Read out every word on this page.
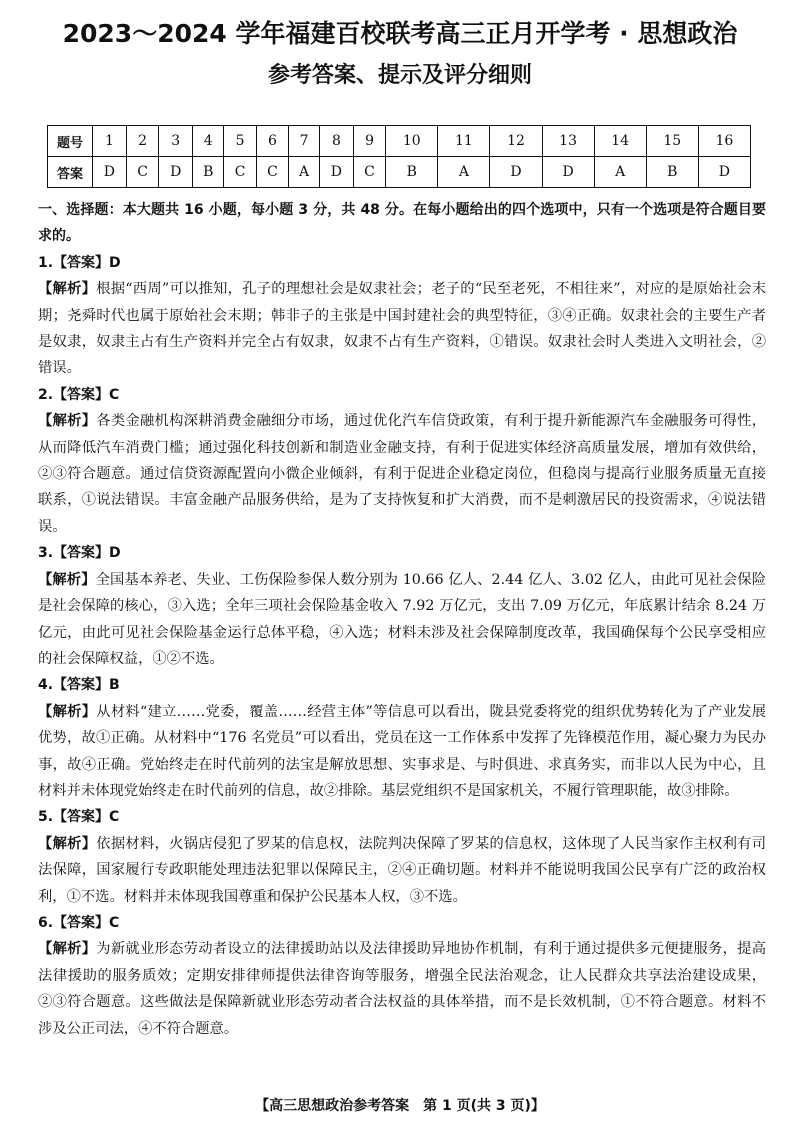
2023～2024 学年福建百校联考高三正月开学考 · 思想政治
参考答案、提示及评分细则
题号	1	2	3	4	5	6	7	8	9	10	11	12	13	14	15	16
答案	D	C	D	B	C	C	A	D	C	B	A	D	D	A	B	D

一、选择题：本大题共 16 小题，每小题 3 分，共 48 分。在每小题给出的四个选项中，只有一个选项是符合题目要求的。

1.【答案】D

【解析】根据“西周”可以推知，孔子的理想社会是奴隶社会；老子的“民至老死，不相往来”，对应的是原始社会末期；尧舜时代也属于原始社会末期；韩非子的主张是中国封建社会的典型特征，③④正确。奴隶社会的主要生产者是奴隶，奴隶主占有生产资料并完全占有奴隶，奴隶不占有生产资料，①错误。奴隶社会时人类进入文明社会，②错误。

2.【答案】C

【解析】各类金融机构深耕消费金融细分市场，通过优化汽车信贷政策，有利于提升新能源汽车金融服务可得性，从而降低汽车消费门槛；通过强化科技创新和制造业金融支持，有利于促进实体经济高质量发展，增加有效供给，②③符合题意。通过信贷资源配置向小微企业倾斜，有利于促进企业稳定岗位，但稳岗与提高行业服务质量无直接联系，①说法错误。丰富金融产品服务供给，是为了支持恢复和扩大消费，而不是刺激居民的投资需求，④说法错误。

3.【答案】D

【解析】全国基本养老、失业、工伤保险参保人数分别为 10.66 亿人、2.44 亿人、3.02 亿人，由此可见社会保险是社会保障的核心，③入选；全年三项社会保险基金收入 7.92 万亿元，支出 7.09 万亿元，年底累计结余 8.24 万亿元，由此可见社会保险基金运行总体平稳，④入选；材料未涉及社会保障制度改革，我国确保每个公民享受相应的社会保障权益，①②不选。

4.【答案】B

【解析】从材料“建立……党委，覆盖……经营主体”等信息可以看出，陇县党委将党的组织优势转化为了产业发展优势，故①正确。从材料中“176 名党员”可以看出，党员在这一工作体系中发挥了先锋模范作用，凝心聚力为民办事，故④正确。党始终走在时代前列的法宝是解放思想、实事求是、与时俱进、求真务实，而非以人民为中心，且材料并未体现党始终走在时代前列的信息，故②排除。基层党组织不是国家机关，不履行管理职能，故③排除。

5.【答案】C

【解析】依据材料，火锅店侵犯了罗某的信息权，法院判决保障了罗某的信息权，这体现了人民当家作主权利有司法保障，国家履行专政职能处理违法犯罪以保障民主，②④正确切题。材料并不能说明我国公民享有广泛的政治权利，①不选。材料并未体现我国尊重和保护公民基本人权，③不选。

6.【答案】C

【解析】为新就业形态劳动者设立的法律援助站以及法律援助异地协作机制，有利于通过提供多元便捷服务，提高法律援助的服务质效；定期安排律师提供法律咨询等服务，增强全民法治观念，让人民群众共享法治建设成果，②③符合题意。这些做法是保障新就业形态劳动者合法权益的具体举措，而不是长效机制，①不符合题意。材料不涉及公正司法，④不符合题意。

【高三思想政治参考答案　第 1 页(共 3 页)】
